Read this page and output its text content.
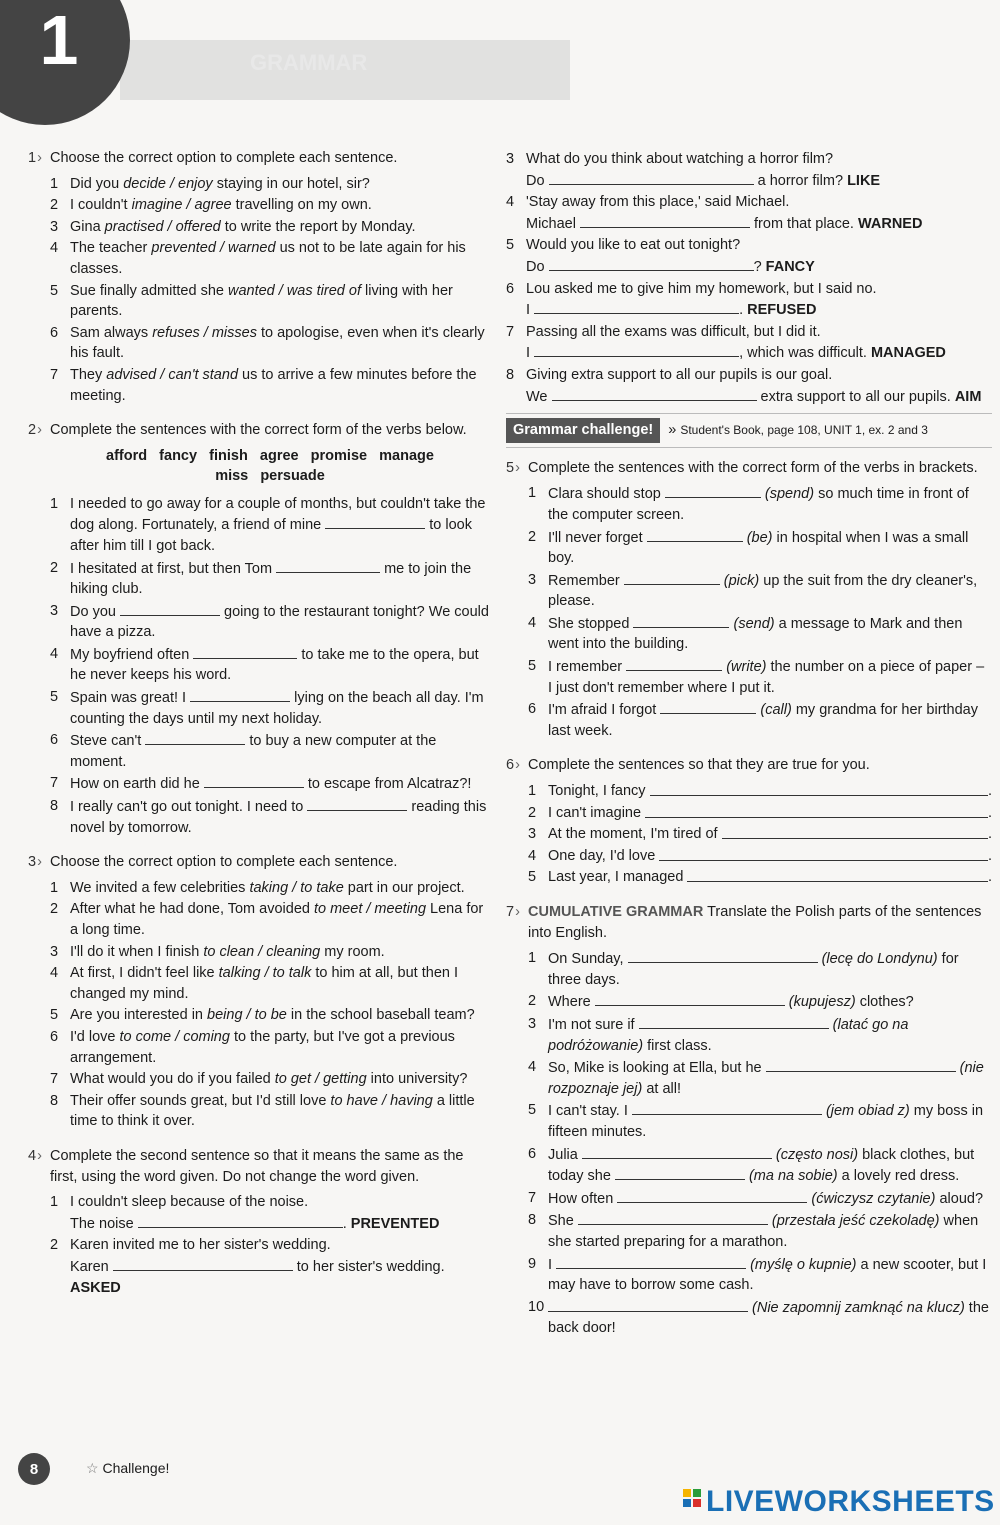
1	GRAMMAR
1 › Choose the correct option to complete each sentence.
1 Did you decide / enjoy staying in our hotel, sir?
2 I couldn't imagine / agree travelling on my own.
3 Gina practised / offered to write the report by Monday.
4 The teacher prevented / warned us not to be late again for his classes.
5 Sue finally admitted she wanted / was tired of living with her parents.
6 Sam always refuses / misses to apologise, even when it's clearly his fault.
7 They advised / can't stand us to arrive a few minutes before the meeting.
2 › Complete the sentences with the correct form of the verbs below.
afford   fancy   finish   agree   promise   manage
miss   persuade
1 I needed to go away for a couple of months, but couldn't take the dog along. Fortunately, a friend of mine	to look after him till I got back.
2 I hesitated at first, but then Tom	me to join the hiking club.
3 Do you	going to the restaurant tonight? We could have a pizza.
4 My boyfriend often	to take me to the opera, but he never keeps his word.
5 Spain was great! I	lying on the beach all day. I'm counting the days until my next holiday.
6 Steve can't	to buy a new computer at the moment.
7 How on earth did he	to escape from Alcatraz?!
8 I really can't go out tonight. I need to	reading this novel by tomorrow.
3 › Choose the correct option to complete each sentence.
1 We invited a few celebrities taking / to take part in our project.
2 After what he had done, Tom avoided to meet / meeting Lena for a long time.
3 I'll do it when I finish to clean / cleaning my room.
4 At first, I didn't feel like talking / to talk to him at all, but then I changed my mind.
5 Are you interested in being / to be in the school baseball team?
6 I'd love to come / coming to the party, but I've got a previous arrangement.
7 What would you do if you failed to get / getting into university?
8 Their offer sounds great, but I'd still love to have / having a little time to think it over.
4 › Complete the second sentence so that it means the same as the first, using the word given. Do not change the word given.
1 I couldn't sleep because of the noise.
The noise	. PREVENTED
2 Karen invited me to her sister's wedding.
Karen	to her sister's wedding. ASKED
3 What do you think about watching a horror film?
Do	a horror film? LIKE
4 'Stay away from this place,' said Michael.
Michael	from that place. WARNED
5 Would you like to eat out tonight?
Do	? FANCY
6 Lou asked me to give him my homework, but I said no.
I	. REFUSED
7 Passing all the exams was difficult, but I did it.
I	, which was difficult. MANAGED
8 Giving extra support to all our pupils is our goal.
We	extra support to all our pupils. AIM
Grammar challenge!	» Student's Book, page 108, UNIT 1, ex. 2 and 3
5 › Complete the sentences with the correct form of the verbs in brackets.
1 Clara should stop	(spend) so much time in front of the computer screen.
2 I'll never forget	(be) in hospital when I was a small boy.
3 Remember	(pick) up the suit from the dry cleaner's, please.
4 She stopped	(send) a message to Mark and then went into the building.
5 I remember	(write) the number on a piece of paper – I just don't remember where I put it.
6 I'm afraid I forgot	(call) my grandma for her birthday last week.
6 › Complete the sentences so that they are true for you.
1 Tonight, I fancy	.
2 I can't imagine	.
3 At the moment, I'm tired of	.
4 One day, I'd love	.
5 Last year, I managed	.
7 › CUMULATIVE GRAMMAR Translate the Polish parts of the sentences into English.
1 On Sunday,	(lecę do Londynu) for three days.
2 Where	(kupujesz) clothes?
3 I'm not sure if	(latać go na podróżowanie) first class.
4 So, Mike is looking at Ella, but he	(nie rozpoznaje jej) at all!
5 I can't stay. I	(jem obiad z) my boss in fifteen minutes.
6 Julia	(często nosi) black clothes, but today she	(ma na sobie) a lovely red dress.
7 How often	(ćwiczysz czytanie) aloud?
8 She	(przestała jeść czekoladę) when she started preparing for a marathon.
9 I	(myślę o kupnie) a new scooter, but I may have to borrow some cash.
10	(Nie zapomnij zamknąć na klucz) the back door!
8	☆ Challenge!
LIVEWORKSHEETS
